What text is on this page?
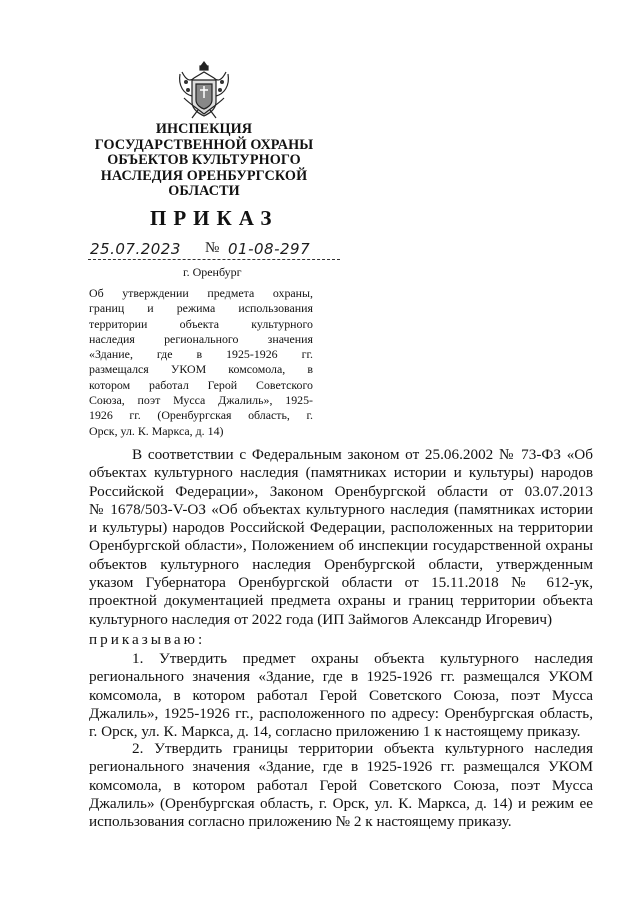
ИНСПЕКЦИЯ
ГОСУДАРСТВЕННОЙ ОХРАНЫ
ОБЪЕКТОВ КУЛЬТУРНОГО
НАСЛЕДИЯ ОРЕНБУРГСКОЙ
ОБЛАСТИ
ПРИКАЗ
25.07.2023 № 01-08-297
г. Оренбург
Об утверждении предмета охраны,
границ и режима использования
территории объекта культурного
наследия регионального значения
«Здание, где в 1925-1926 гг.
размещался УКОМ комсомола, в
котором работал Герой Советского
Союза, поэт Мусса Джалиль», 1925-
1926 гг. (Оренбургская область, г.
Орск, ул. К. Маркса, д. 14)
В соответствии с Федеральным законом от 25.06.2002 № 73-ФЗ «Об
объектах культурного наследия (памятниках истории и культуры) народов
Российской Федерации», Законом Оренбургской области от 03.07.2013
№ 1678/503-V-ОЗ «Об объектах культурного наследия (памятниках истории
и культуры) народов Российской Федерации, расположенных на территории
Оренбургской области», Положением об инспекции государственной охраны
объектов культурного наследия Оренбургской области, утвержденным
указом Губернатора Оренбургской области от 15.11.2018 № 612-ук,
проектной документацией предмета охраны и границ территории объекта
культурного наследия от 2022 года (ИП Займогов Александр Игоревич)
приказываю:
1. Утвердить предмет охраны объекта культурного наследия
регионального значения «Здание, где в 1925-1926 гг. размещался УКОМ
комсомола, в котором работал Герой Советского Союза, поэт Мусса
Джалиль», 1925-1926 гг., расположенного по адресу: Оренбургская область,
г. Орск, ул. К. Маркса, д. 14, согласно приложению 1 к настоящему приказу.
2. Утвердить границы территории объекта культурного наследия
регионального значения «Здание, где в 1925-1926 гг. размещался УКОМ
комсомола, в котором работал Герой Советского Союза, поэт Мусса
Джалиль» (Оренбургская область, г. Орск, ул. К. Маркса, д. 14) и режим ее
использования согласно приложению № 2 к настоящему приказу.
